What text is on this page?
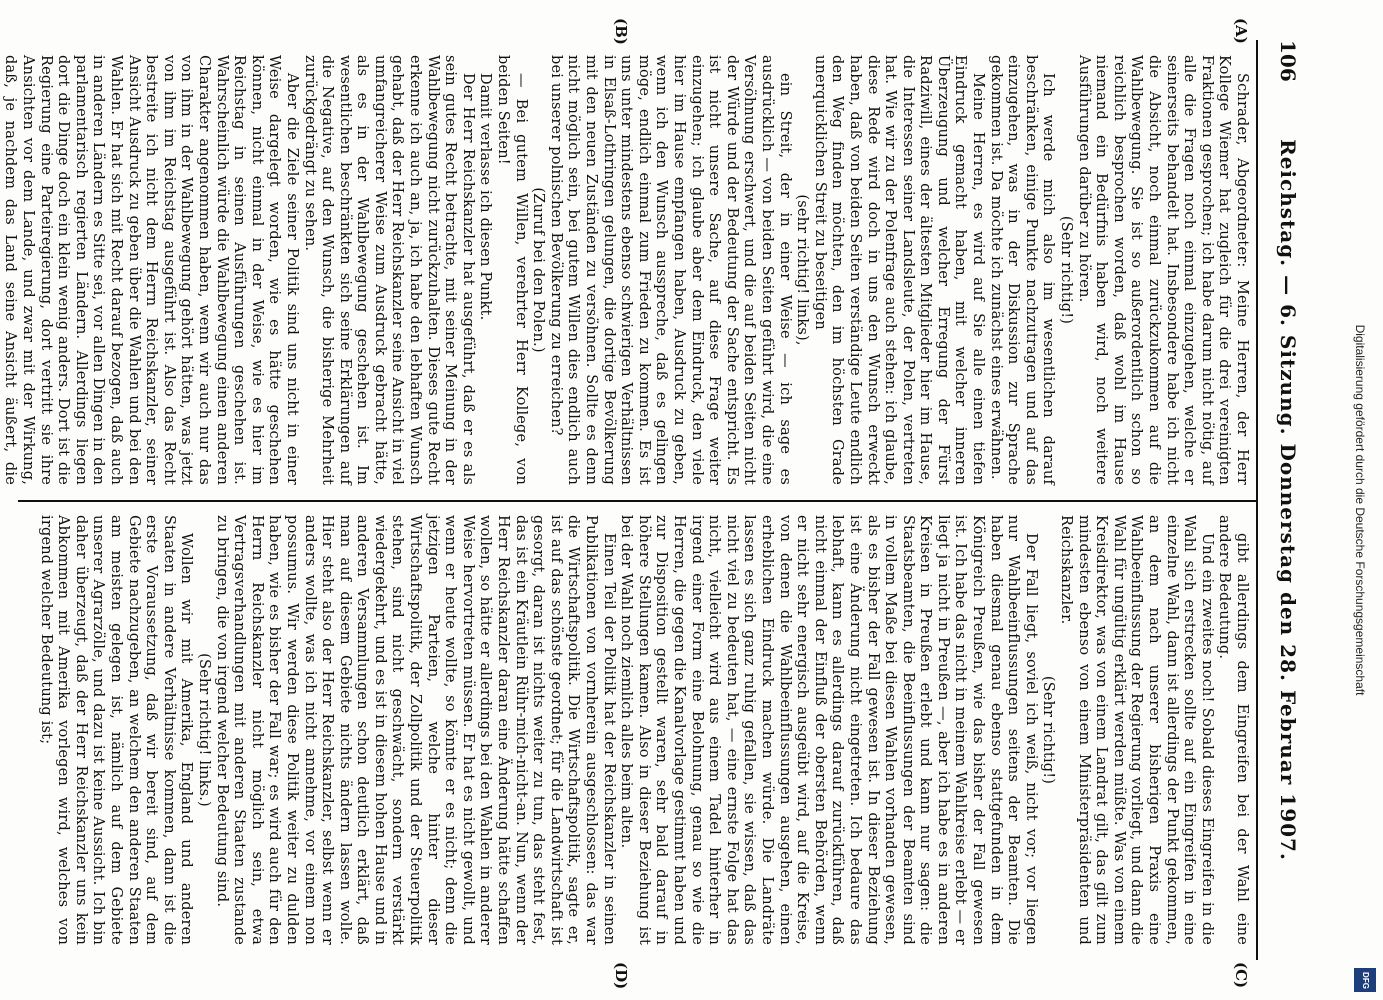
106
Reichstag. — 6. Sitzung. Donnerstag den 28. Februar 1907.
(A)
(B)
(C)
(D)

Schrader, Abgeordneter: Meine Herren, der Herr Kollege Wiemer hat zugleich für die drei vereinigten Fraktionen gesprochen; ich habe darum nicht nötig, auf alle die Fragen noch einmal einzugehen, welche er seinerseits behandelt hat. Insbesondere habe ich nicht die Absicht, noch einmal zurückzukommen auf die Wahlbewegung. Sie ist so außerordentlich schon so reichlich besprochen worden, daß wohl im Hause niemand ein Bedürfnis haben wird, noch weitere Ausführungen darüber zu hören.

(Sehr richtig!)

Ich werde mich also im wesentlichen darauf beschränken, einige Punkte nachzutragen und auf das einzugehen, was in der Diskussion zur Sprache gekommen ist. Da möchte ich zunächst eines erwähnen.

Meine Herren, es wird auf Sie alle einen tiefen Eindruck gemacht haben, mit welcher inneren Überzeugung und welcher Erregung der Fürst Radziwill, eines der ältesten Mitglieder hier im Hause, die Interessen seiner Landsleute, der Polen, vertreten hat. Wie wir zu der Polenfrage auch stehen: ich glaube, diese Rede wird doch in uns den Wunsch erweckt haben, daß von beiden Seiten verständige Leute endlich den Weg finden möchten, den im höchsten Grade unerquicklichen Streit zu beseitigen

(sehr richtig! links),

ein Streit, der in einer Weise — ich sage es ausdrücklich — von beiden Seiten geführt wird, die eine Versöhnung erschwert, und die auf beiden Seiten nicht der Würde und der Bedeutung der Sache entspricht. Es ist nicht unsere Sache, auf diese Frage weiter einzugehen; ich glaube aber dem Eindruck, den viele hier im Hause empfangen haben, Ausdruck zu geben, wenn ich den Wunsch ausspreche, daß es gelingen möge, endlich einmal zum Frieden zu kommen. Es ist uns unter mindestens ebenso schwierigen Verhältnissen in Elsaß-Lothringen gelungen, die dortige Bevölkerung mit den neuen Zuständen zu versöhnen. Sollte es denn nicht möglich sein, bei gutem Willen dies endlich auch bei unserer polnischen Bevölkerung zu erreichen?

(Zuruf bei den Polen.)

— Bei gutem Willen, verehrter Herr Kollege, von beiden Seiten!

Damit verlasse ich diesen Punkt.

Der Herr Reichskanzler hat ausgeführt, daß er es als sein gutes Recht betrachte, mit seiner Meinung in der Wahlbewegung nicht zurückzuhalten. Dieses gute Recht erkenne ich auch an, ja, ich habe den lebhaften Wunsch gehabt, daß der Herr Reichskanzler seine Ansicht in viel umfangreicherer Weise zum Ausdruck gebracht hätte, als es in der Wahlbewegung geschehen ist. Im wesentlichen beschränkten sich seine Erklärungen auf die Negative, auf den Wunsch, die bisherige Mehrheit zurückgedrängt zu sehen.

Aber die Ziele seiner Politik sind uns nicht in einer Weise dargelegt worden, wie es hätte geschehen können, nicht einmal in der Weise, wie es hier im Reichstag in seinen Ausführungen geschehen ist. Wahrscheinlich würde die Wahlbewegung einen anderen Charakter angenommen haben, wenn wir auch nur das von ihm in der Wahlbewegung gehört hätten, was jetzt von ihm im Reichstag ausgeführt ist. Also das Recht bestreite ich nicht dem Herrn Reichskanzler, seiner Ansicht Ausdruck zu geben über die Wahlen und bei den Wahlen. Er hat sich mit Recht darauf bezogen, daß auch in anderen Ländern es Sitte sei, vor allen Dingen in den parlamentarisch regierten Ländern. Allerdings liegen dort die Dinge doch ein klein wenig anders. Dort ist die Regierung eine Parteiregierung, dort vertritt sie ihre Ansichten vor dem Lande, und zwar mit der Wirkung, daß, je nachdem das Land seine Ansicht äußert, die

gibt allerdings dem Eingreifen bei der Wahl eine andere Bedeutung.

Und ein zweites noch! Sobald dieses Eingreifen in die Wahl sich erstrecken sollte auf ein Eingreifen in eine einzelne Wahl, dann ist allerdings der Punkt gekommen, an dem nach unserer bisherigen Praxis eine Wahlbeeinflussung der Regierung vorliegt, und dann die Wahl für ungültig erklärt werden müßte. Was von einem Kreisdirektor, was von einem Landrat gilt, das gilt zum mindesten ebenso von einem Ministerpräsidenten und Reichskanzler.

(Sehr richtig!)

Der Fall liegt, soviel ich weiß, nicht vor; vor liegen nur Wahlbeeinflussungen seitens der Beamten. Die haben diesmal genau ebenso stattgefunden in dem Königreich Preußen, wie das bisher der Fall gewesen ist. Ich habe das nicht in meinem Wahlkreise erlebt — er liegt ja nicht in Preußen —, aber ich habe es in anderen Kreisen in Preußen erlebt und kann nur sagen: die Staatsbeamten, die Beeinflussungen der Beamten sind in vollem Maße bei diesen Wahlen vorhanden gewesen, als es bisher der Fall gewesen ist. In dieser Beziehung ist eine Änderung nicht eingetreten. Ich bedaure das lebhaft, kann es allerdings darauf zurückführen, daß nicht einmal der Einfluß der obersten Behörden, wenn er nicht sehr energisch ausgeübt wird, auf die Kreise, von denen die Wahlbeeinflussungen ausgehen, einen erheblichen Eindruck machen würde. Die Landräte lassen es sich ganz ruhig gefallen, sie wissen, daß das nicht viel zu bedeuten hat, — eine ernste Folge hat das nicht, vielleicht wird aus einem Tadel hinterher in irgend einer Form eine Belohnung, genau so wie die Herren, die gegen die Kanalvorlage gestimmt haben und zur Disposition gestellt waren, sehr bald darauf in höhere Stellungen kamen. Also in dieser Beziehung ist bei der Wahl noch ziemlich alles beim alten.

Einen Teil der Politik hat der Reichskanzler in seinen Publikationen von vornherein ausgeschlossen: das war die Wirtschaftspolitik. Die Wirtschaftspolitik, sagte er, ist auf das schönste geordnet; für die Landwirtschaft ist gesorgt, daran ist nichts weiter zu tun, das steht fest, das ist ein Kräutlein Rühr-mich-nicht-an. Nun, wenn der Herr Reichskanzler daran eine Änderung hätte schaffen wollen, so hätte er allerdings bei den Wahlen in anderer Weise hervortreten müssen. Er hat es nicht gewollt, und wenn er heute wollte, so könnte er es nicht; denn die jetzigen Parteien, welche hinter dieser Wirtschaftspolitik, der Zollpolitik und der Steuerpolitik stehen, sind nicht geschwächt, sondern verstärkt wiedergekehrt, und es ist in diesem hohen Hause und in anderen Versammlungen schon deutlich erklärt, daß man auf diesem Gebiete nichts ändern lassen wolle. Hier steht also der Herr Reichskanzler, selbst wenn er anders wollte, was ich nicht annehme, vor einem non possumus. Wir werden diese Politik weiter zu dulden haben, wie es bisher der Fall war; es wird auch für den Herrn Reichskanzler nicht möglich sein, etwa Vertragsverhandlungen mit anderen Staaten zustande zu bringen, die von irgend welcher Bedeutung sind.

(Sehr richtig! links.)

Wollen wir mit Amerika, England und anderen Staaten in andere Verhältnisse kommen, dann ist die erste Voraussetzung, daß wir bereit sind, auf dem Gebiete nachzugeben, an welchem den anderen Staaten am meisten gelegen ist, nämlich auf dem Gebiete unserer Agrarzölle, und dazu ist keine Aussicht. Ich bin daher überzeugt, daß der Herr Reichskanzler uns kein Abkommen mit Amerika vorlegen wird, welches von irgend welcher Bedeutung ist;	Digitalisierung gefördert durch die Deutsche Forschungsgemeinschaft
DFG
